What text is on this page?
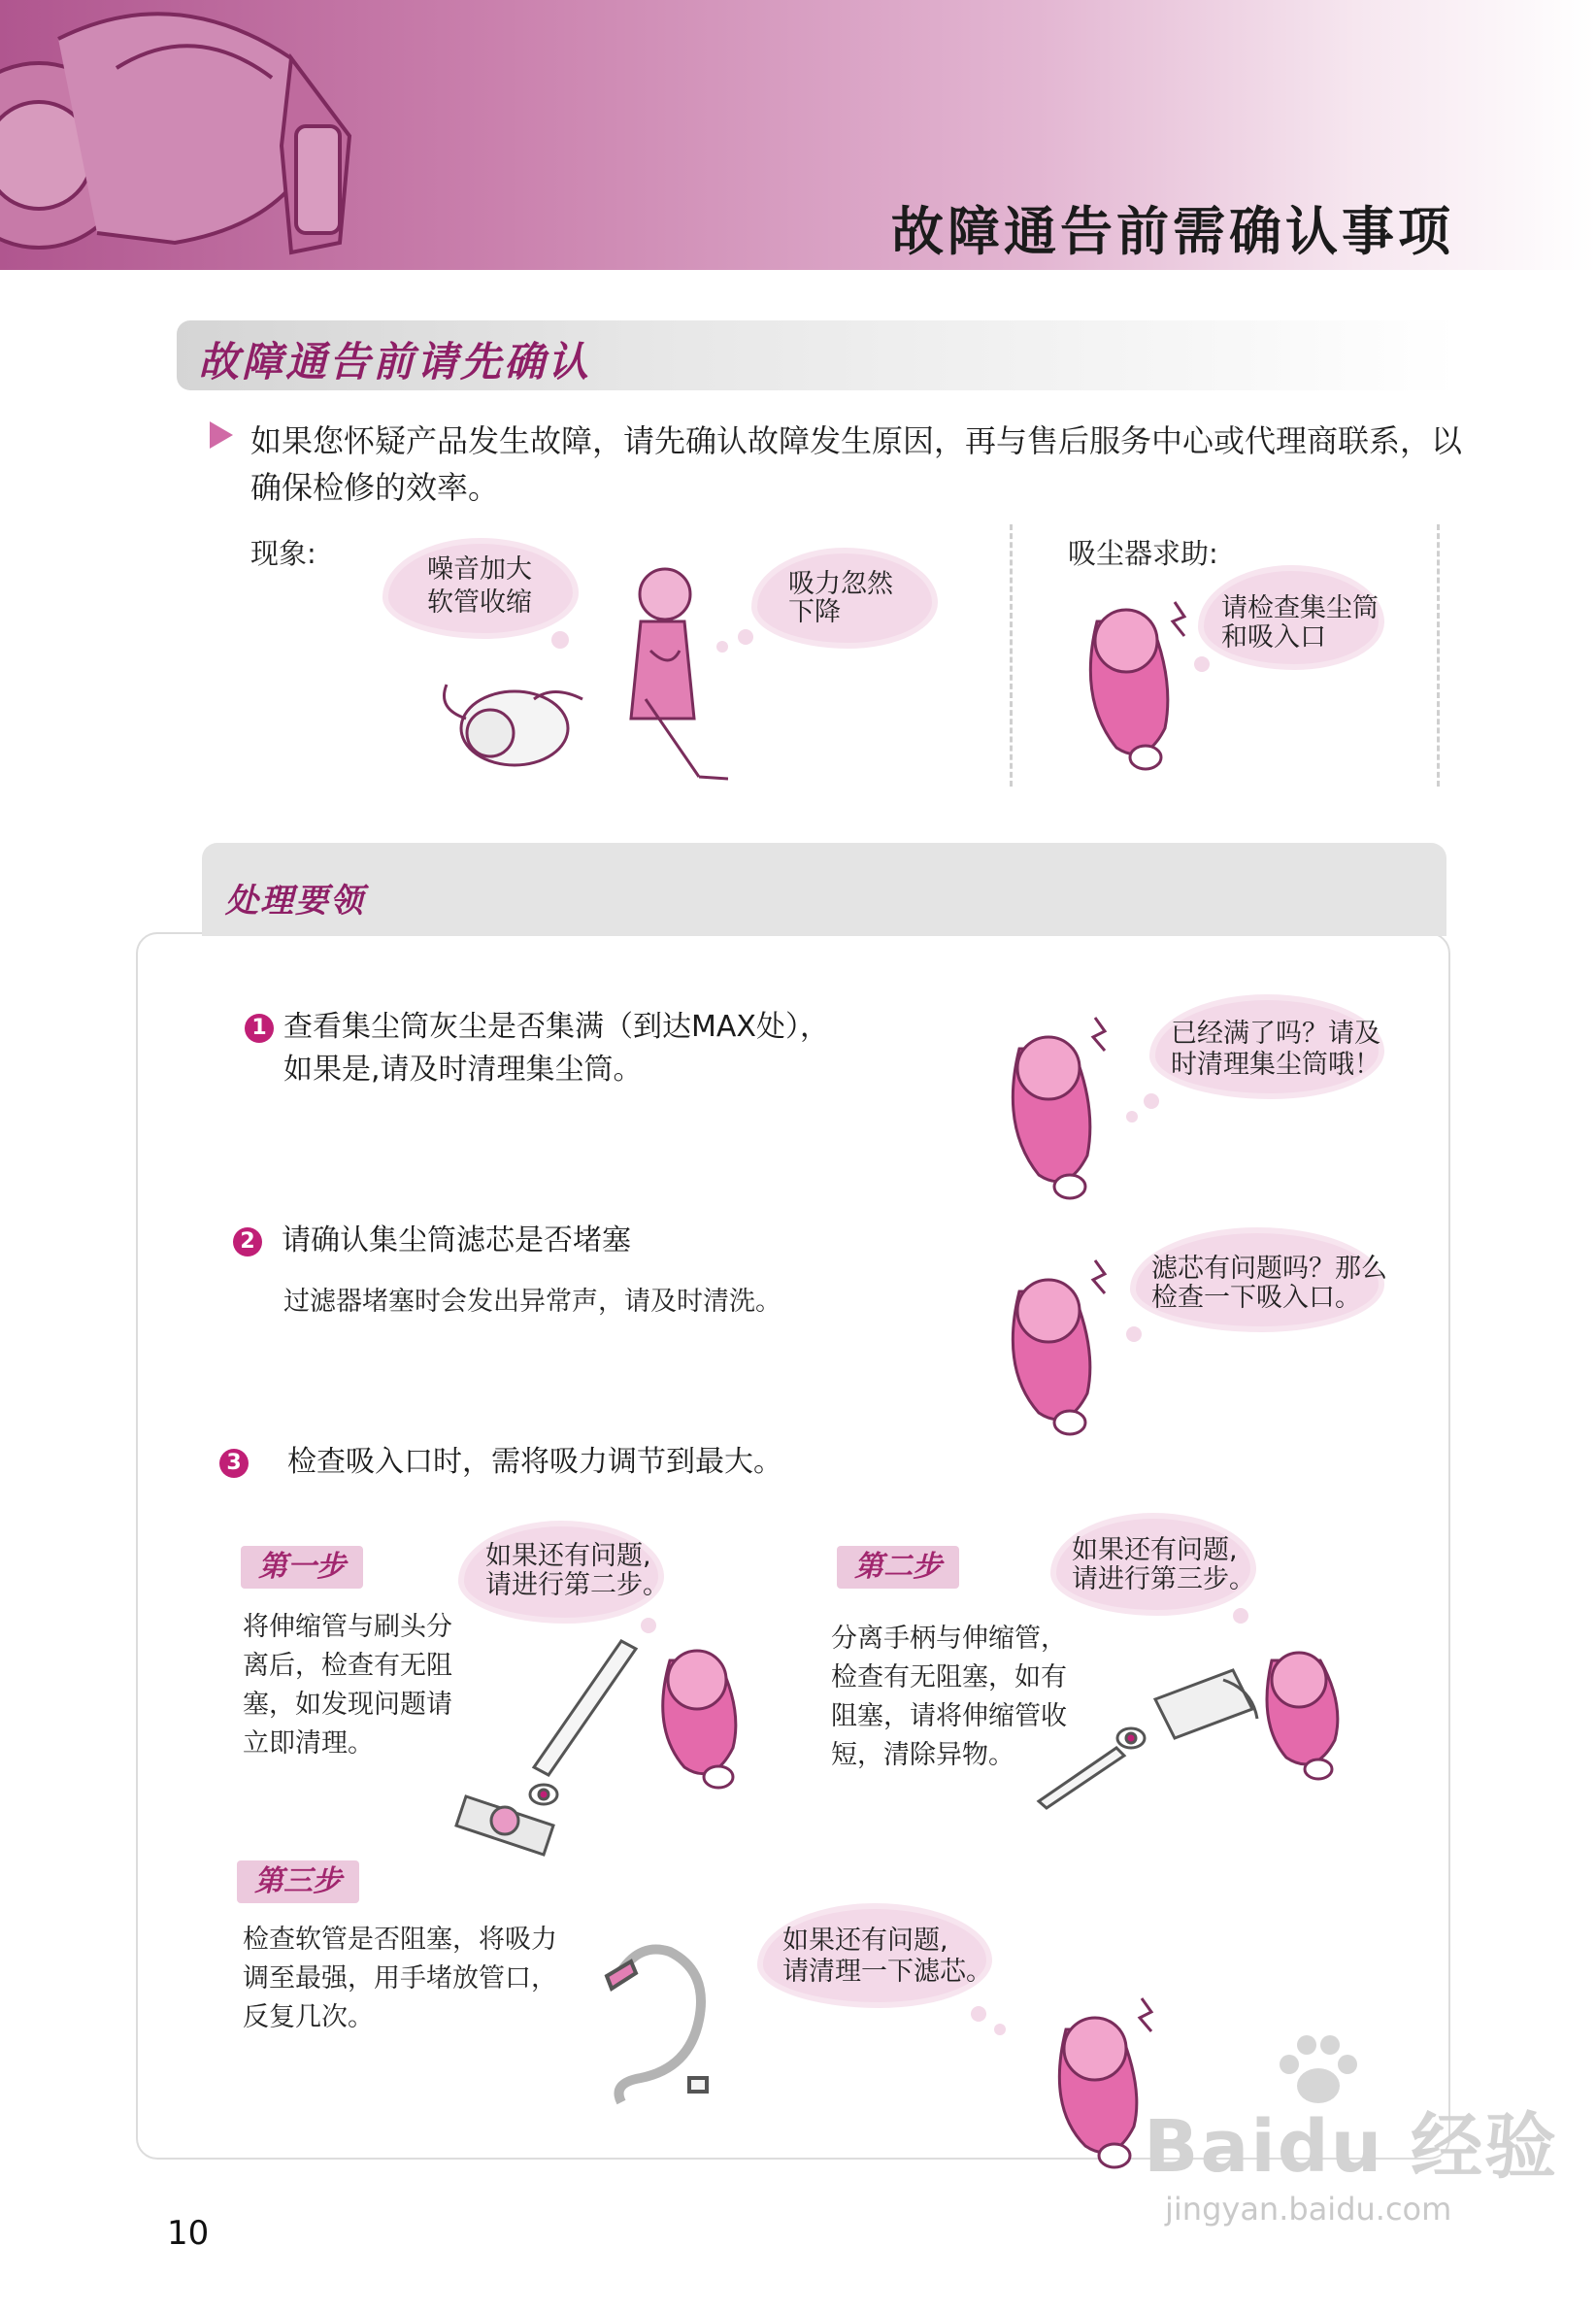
故障通告前需确认事项
故障通告前请先确认
如果您怀疑产品发生故障，请先确认故障发生原因，再与售后服务中心或代理商联系，以确保检修的效率。
现象:	吸尘器求助:
噪音加大
软管收缩
吸力忽然
下降	请检查集尘筒
和吸入口
处理要领
1 查看集尘筒灰尘是否集满（到达MAX处），
如果是,请及时清理集尘筒。
已经满了吗？请及
时清理集尘筒哦！
2 请确认集尘筒滤芯是否堵塞
过滤器堵塞时会发出异常声，请及时清洗。
滤芯有问题吗？那么
检查一下吸入口。
3 检查吸入口时，需将吸力调节到最大。
第一步
将伸缩管与刷头分
离后，检查有无阻
塞，如发现问题请
立即清理。
如果还有问题,
请进行第二步。
第二步
分离手柄与伸缩管，
检查有无阻塞，如有
阻塞，请将伸缩管收
短，清除异物。
如果还有问题,
请进行第三步。
第三步
检查软管是否阻塞，将吸力
调至最强，用手堵放管口，
反复几次。
如果还有问题,
请清理一下滤芯。
10
Baidu 经验
jingyan.baidu.com
